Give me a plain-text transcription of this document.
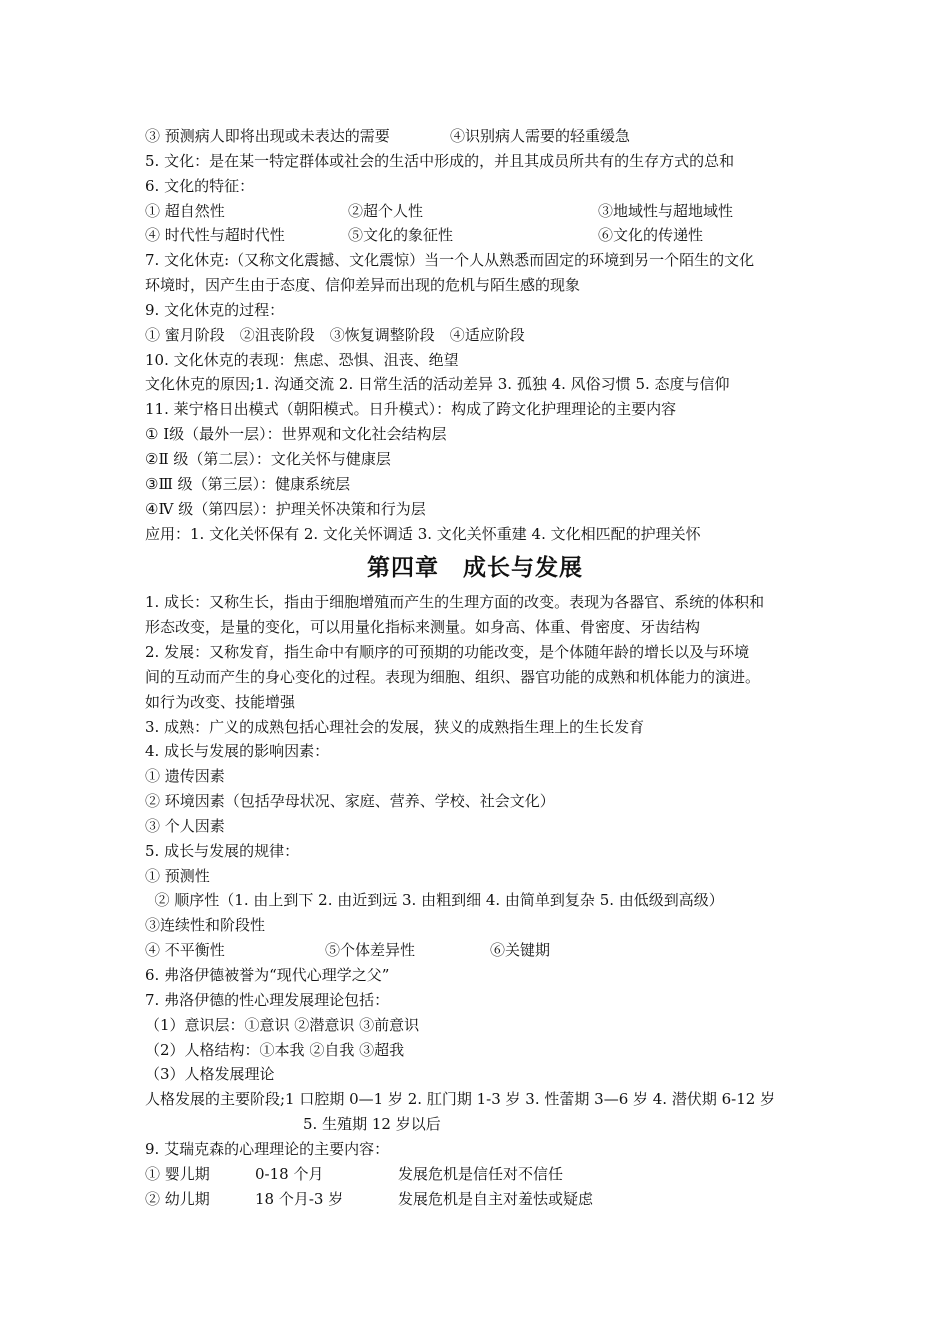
③ 预测病人即将出现或未表达的需要	④识别病人需要的轻重缓急
5. 文化：是在某一特定群体或社会的生活中形成的，并且其成员所共有的生存方式的总和
6. 文化的特征：
① 超自然性	②超个人性	③地域性与超地域性
④ 时代性与超时代性	⑤文化的象征性	⑥文化的传递性
7. 文化休克:（又称文化震撼、文化震惊）当一个人从熟悉而固定的环境到另一个陌生的文化
环境时，因产生由于态度、信仰差异而出现的危机与陌生感的现象
9. 文化休克的过程：
① 蜜月阶段　②沮丧阶段　③恢复调整阶段　④适应阶段
10. 文化休克的表现：焦虑、恐惧、沮丧、绝望
文化休克的原因;1. 沟通交流 2. 日常生活的活动差异 3. 孤独 4. 风俗习惯 5. 态度与信仰
11. 莱宁格日出模式（朝阳模式。日升模式）：构成了跨文化护理理论的主要内容
① Ⅰ级（最外一层）：世界观和文化社会结构层
②Ⅱ 级（第二层）：文化关怀与健康层
③Ⅲ 级（第三层）：健康系统层
④Ⅳ 级（第四层）：护理关怀决策和行为层
应用：1. 文化关怀保有 2. 文化关怀调适 3. 文化关怀重建 4. 文化相匹配的护理关怀
第四章　成长与发展
1. 成长：又称生长，指由于细胞增殖而产生的生理方面的改变。表现为各器官、系统的体积和
形态改变，是量的变化，可以用量化指标来测量。如身高、体重、骨密度、牙齿结构
2. 发展：又称发育，指生命中有顺序的可预期的功能改变，是个体随年龄的增长以及与环境
间的互动而产生的身心变化的过程。表现为细胞、组织、器官功能的成熟和机体能力的演进。
如行为改变、技能增强
3. 成熟：广义的成熟包括心理社会的发展，狭义的成熟指生理上的生长发育
4. 成长与发展的影响因素：
① 遗传因素
② 环境因素（包括孕母状况、家庭、营养、学校、社会文化）
③ 个人因素
5. 成长与发展的规律：
① 预测性
② 顺序性（1. 由上到下 2. 由近到远 3. 由粗到细 4. 由简单到复杂 5. 由低级到高级）
③连续性和阶段性
④ 不平衡性	⑤个体差异性	⑥关键期
6. 弗洛伊德被誉为“现代心理学之父”
7. 弗洛伊德的性心理发展理论包括：
（1）意识层：①意识 ②潜意识 ③前意识
（2）人格结构：①本我 ②自我 ③超我
（3）人格发展理论
人格发展的主要阶段;1 口腔期 0—1 岁 2. 肛门期 1-3 岁 3. 性蕾期 3—6 岁 4. 潜伏期 6-12 岁
5. 生殖期 12 岁以后
9. 艾瑞克森的心理理论的主要内容：
① 婴儿期	0-18 个月	发展危机是信任对不信任
② 幼儿期	18 个月-3 岁	发展危机是自主对羞怯或疑虑
